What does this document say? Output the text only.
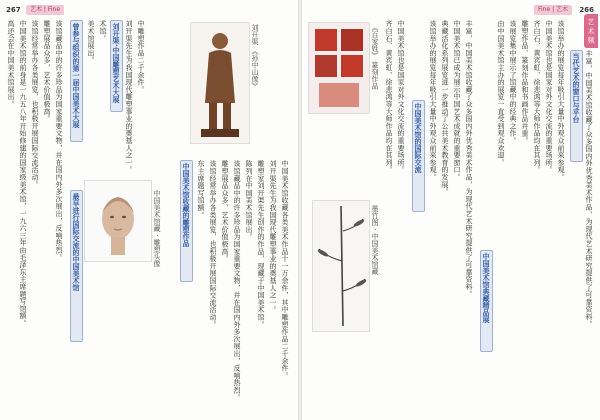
267	艺术 | Fine
高还会在中国美术馆展出。 中国美术馆的前身是一九五八年开始修建的国家级美术馆，一九六三年由毛泽东主席题写馆额。 该馆经常举办各类展览，也积极开展国际交流活动。 雕塑展品众多，艺术价值极高。 该馆藏品中的许多珍品为国家重要文物，并在国内外多次展出，反响热烈。 曾参与组织的第一届中国美术大展
最早进行国际交流的中国美术馆
美术馆展出。
术馆。
中国美术馆藏 · 雕塑头像
刘开渠·中国雕塑艺术大展	刘开渠 《孙中山像》
刘开渠先生为我国现代雕塑事业的奠基人之一。 中雕塑作品二千余件。
中国美术馆收藏的雕塑作品 东主席题写馆额。 该馆经常举办各类展览，也积极开展国际交流活动。 雕塑展品众多，艺术价值极高。 该馆藏品中的许多珍品为国家重要文物，并在国内外多次展出，反响热烈。 陈列在中国美术馆展出。 雕塑家刘开渠先生创作的作品，现藏于中国美术馆。 刘开渠先生为我国现代雕塑事业的奠基人之一。 中国美术馆收藏各类美术作品十一万余件，其中雕塑作品二千余件。
Fine | 艺术	266
艺 术 频 道
《百家姓》 篆刻作品 齐白石、黄宾虹、徐悲鸿等大师作品均在其列。 中国美术馆也是国家对外文化交流的重要场所。
墨竹图 · 中国美术馆藏
中国美术馆的国际交流 该馆举办的展览每年吸引大量中外观众前来参观。 典藏活化系列展览进一步推动了公共美术教育的发展。 中国美术馆已成为展示中国艺术成就的重要窗口。 丰富，中国美术馆收藏了众多国内外优秀美术作品，为现代艺术研究提供了可靠资料。 中国美术馆典藏精品展
由中国美术馆主办的展览一直受到观众欢迎。 该展览集中展示了馆藏中的经典之作。 雕塑作品、篆刻作品和书画作品并重。 齐白石、黄宾虹、徐悲鸿等大师作品均在其列。 中国美术馆也是国家对外文化交流的重要场所。 该馆举办的展览每年吸引大量中外观众前来参观。 当代艺术的窗口与平台 丰富，中国美术馆收藏了众多国内外优秀美术作品，为现代艺术研究提供了可靠资料。
